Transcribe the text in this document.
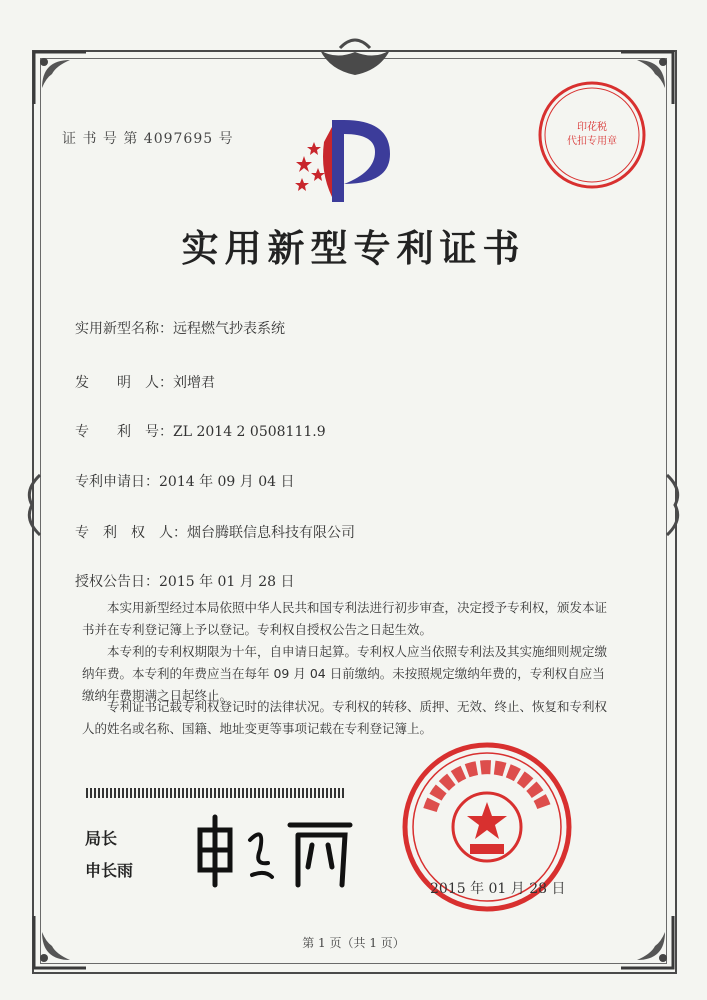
证 书 号 第 4097695 号
印花税
代扣专用章
实用新型专利证书
实用新型名称：远程燃气抄表系统
发　　明　人：刘增君
专　　利　号：ZL 2014 2 0508111.9
专利申请日：2014 年 09 月 04 日
专　利　权　人：烟台腾联信息科技有限公司
授权公告日：2015 年 01 月 28 日
　　本实用新型经过本局依照中华人民共和国专利法进行初步审查，决定授予专利权，颁发本证书并在专利登记簿上予以登记。专利权自授权公告之日起生效。
　　本专利的专利权期限为十年，自申请日起算。专利权人应当依照专利法及其实施细则规定缴纳年费。本专利的年费应当在每年 09 月 04 日前缴纳。未按照规定缴纳年费的，专利权自应当缴纳年费期满之日起终止。
　　专利证书记载专利权登记时的法律状况。专利权的转移、质押、无效、终止、恢复和专利权人的姓名或名称、国籍、地址变更等事项记载在专利登记簿上。
局长
申长雨
2015 年 01 月 28 日
第 1 页（共 1 页）
